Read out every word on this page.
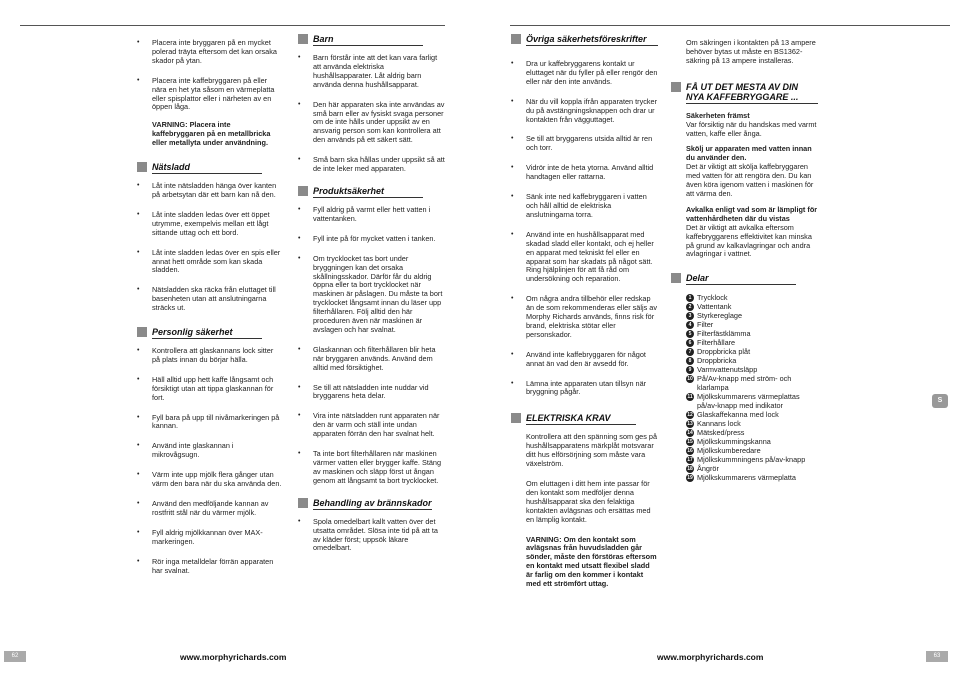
• Placera inte bryggaren på en mycket polerad träyta eftersom det kan orsaka skador på ytan.
• Placera inte kaffebryggaren på eller nära en het yta såsom en värmeplatta eller spisplattor eller i närheten av en öppen låga.
VARNING: Placera inte kaffebryggaren på en metallbricka eller metallyta under användning.
Nätsladd
• Låt inte nätsladden hänga över kanten på arbetsytan där ett barn kan nå den.
• Låt inte sladden ledas över ett öppet utrymme, exempelvis mellan ett lågt sittande uttag och ett bord.
• Låt inte sladden ledas över en spis eller annat hett område som kan skada sladden.
• Nätsladden ska räcka från eluttaget till basenheten utan att anslutningarna sträcks ut.
Personlig säkerhet
• Kontrollera att glaskannans lock sitter på plats innan du börjar hälla.
• Häll alltid upp hett kaffe långsamt och försiktigt utan att tippa glaskannan för fort.
• Fyll bara på upp till nivåmarkeringen på kannan.
• Använd inte glaskannan i mikrovågsugn.
• Värm inte upp mjölk flera gånger utan värm den bara när du ska använda den.
• Använd den medföljande kannan av rostfritt stål när du värmer mjölk.
• Fyll aldrig mjölkkannan över MAX-markeringen.
• Rör inga metalldelar förrän apparaten har svalnat.
Barn
• Barn förstår inte att det kan vara farligt att använda elektriska hushållsapparater. Låt aldrig barn använda denna hushållsapparat.
• Den här apparaten ska inte användas av små barn eller av fysiskt svaga personer om de inte hålls under uppsikt av en ansvarig person som kan kontrollera att den används på ett säkert sätt.
• Små barn ska hållas under uppsikt så att de inte leker med apparaten.
Produktsäkerhet
• Fyll aldrig på varmt eller hett vatten i vattentanken.
• Fyll inte på för mycket vatten i tanken.
• Om trycklocket tas bort under bryggningen kan det orsaka skållningsskador. Därför får du aldrig öppna eller ta bort trycklocket när maskinen är påslagen. Du måste ta bort trycklocket långsamt innan du läser upp filterhållaren. Följ alltid den här proceduren även när maskinen är avslagen och har svalnat.
• Glaskannan och filterhållaren blir heta när bryggaren används. Använd dem alltid med försiktighet.
• Se till att nätsladden inte nuddar vid bryggarens heta delar.
• Vira inte nätsladden runt apparaten när den är varm och ställ inte undan apparaten förrän den har svalnat helt.
• Ta inte bort filterhållaren när maskinen värmer vatten eller brygger kaffe. Stäng av maskinen och släpp först ut ångan genom att långsamt ta bort trycklocket.
Behandling av brännskador
• Spola omedelbart kallt vatten över det utsatta området. Slösa inte tid på att ta av kläder först; uppsök läkare omedelbart.
62	www.morphyrichards.com
Övriga säkerhetsföreskrifter
• Dra ur kaffebryggarens kontakt ur eluttaget när du fyller på eller rengör den eller när den inte används.
• När du vill koppla ifrån apparaten trycker du på avstängningsknappen och drar ur kontakten från vägguttaget.
• Se till att bryggarens utsida alltid är ren och torr.
• Vidrör inte de heta ytorna. Använd alltid handtagen eller rattarna.
• Sänk inte ned kaffebryggaren i vatten och håll alltid de elektriska anslutningarna torra.
• Använd inte en hushållsapparat med skadad sladd eller kontakt, och ej heller en apparat med tekniskt fel eller en apparat som har skadats på något sätt. Ring hjälplinjen för att få råd om undersökning och reparation.
• Om några andra tillbehör eller redskap än de som rekommenderas eller säljs av Morphy Richards används, finns risk för brand, elektriska stötar eller personskador.
• Använd inte kaffebryggaren för något annat än vad den är avsedd för.
• Lämna inte apparaten utan tillsyn när bryggning pågår.
ELEKTRISKA KRAV
Kontrollera att den spänning som ges på hushållsapparatens märkplåt motsvarar ditt hus elförsörjning som måste vara växelström.
Om eluttagen i ditt hem inte passar för den kontakt som medföljer denna hushållsapparat ska den felaktiga kontakten avlägsnas och ersättas med en lämplig kontakt.
VARNING: Om den kontakt som avlägsnas från huvudsladden går sönder, måste den förstöras eftersom en kontakt med utsatt flexibel sladd är farlig om den kommer i kontakt med ett strömfört uttag.
Om säkringen i kontakten på 13 ampere behöver bytas ut måste en BS1362-säkring på 13 ampere installeras.
FÅ UT DET MESTA AV DIN NYA KAFFEBRYGGARE ...
Säkerheten främst
Var försiktig när du handskas med varmt vatten, kaffe eller ånga.
Skölj ur apparaten med vatten innan du använder den.
Det är viktigt att skölja kaffebryggaren med vatten för att rengöra den. Du kan även köra igenom vatten i maskinen för att värma den.
Avkalka enligt vad som är lämpligt för vattenhårdheten där du vistas
Det är viktigt att avkalka eftersom kaffebryggarens effektivitet kan minska på grund av kalkavlagringar och andra avlagringar i vattnet.
Delar
1 Trycklock
2 Vattentank
3 Styrkereglage
4 Filter
5 Filterfästklämma
6 Filterhållare
7 Droppbricka plåt
8 Droppbricka
9 Varmvattenutsläpp
10 På/Av-knapp med ström- och klarlampa
11 Mjölkskummarens värmeplattas på/av-knapp med indikator
12 Glaskaffekanna med lock
13 Kannans lock
14 Mätsked/press
15 Mjölkskummingskanna
16 Mjölkskumberedare
17 Mjölkskummningens på/av-knapp
18 Ångrör
19 Mjölkskummarens värmeplatta
S
www.morphyrichards.com	63
